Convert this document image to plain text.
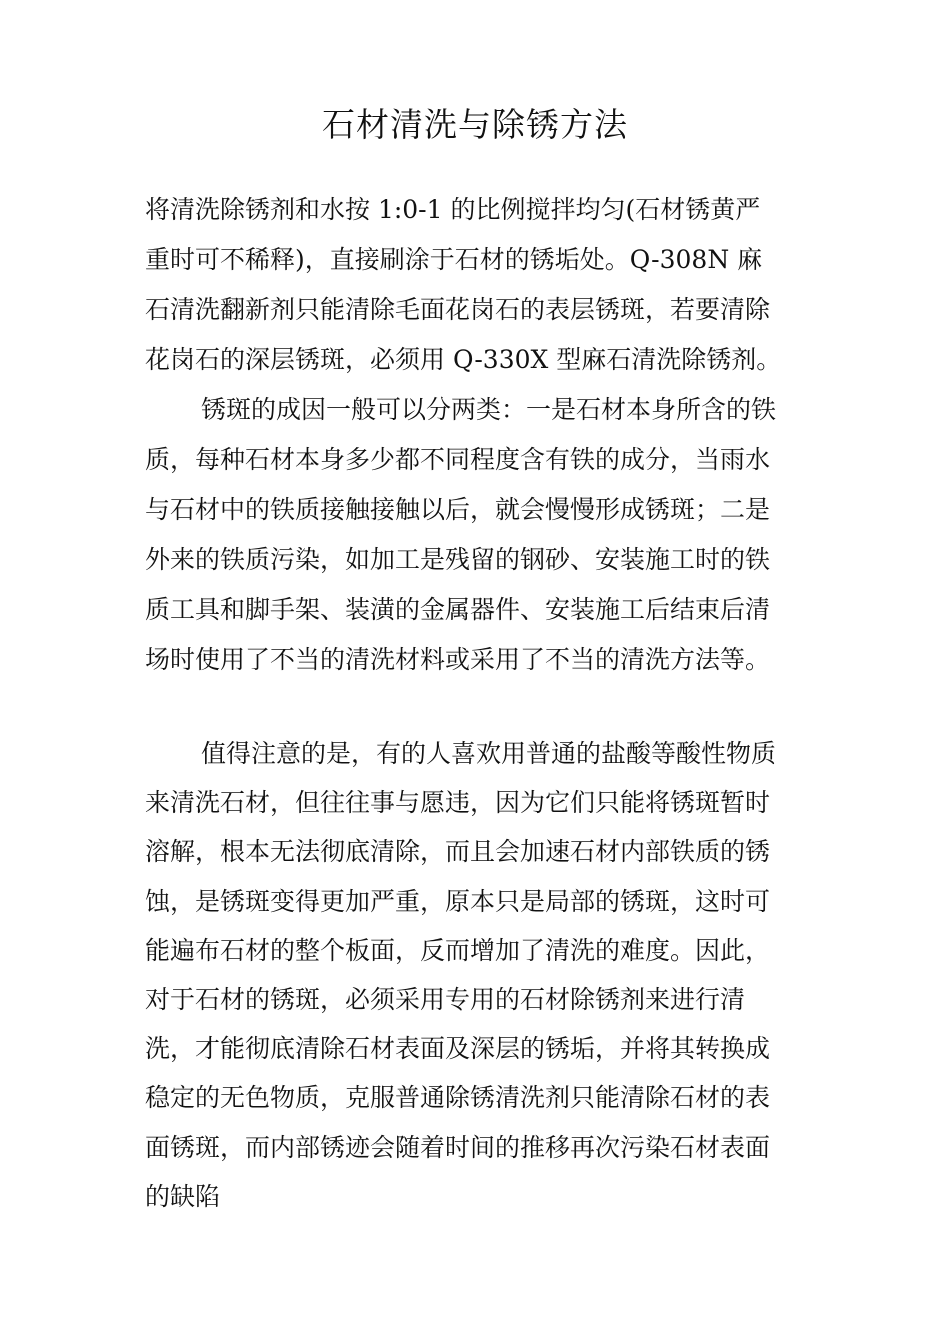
石材清洗与除锈方法
将清洗除锈剂和水按 1:0-1 的比例搅拌均匀(石材锈黄严
重时可不稀释)，直接刷涂于石材的锈垢处。Q-308N 麻
石清洗翻新剂只能清除毛面花岗石的表层锈斑，若要清除
花岗石的深层锈斑，必须用 Q-330X 型麻石清洗除锈剂。
锈斑的成因一般可以分两类：一是石材本身所含的铁
质，每种石材本身多少都不同程度含有铁的成分，当雨水
与石材中的铁质接触接触以后，就会慢慢形成锈斑；二是
外来的铁质污染，如加工是残留的钢砂、安装施工时的铁
质工具和脚手架、装潢的金属器件、安装施工后结束后清
场时使用了不当的清洗材料或采用了不当的清洗方法等。
值得注意的是，有的人喜欢用普通的盐酸等酸性物质
来清洗石材，但往往事与愿违，因为它们只能将锈斑暂时
溶解，根本无法彻底清除，而且会加速石材内部铁质的锈
蚀，是锈斑变得更加严重，原本只是局部的锈斑，这时可
能遍布石材的整个板面，反而增加了清洗的难度。因此，
对于石材的锈斑，必须采用专用的石材除锈剂来进行清
洗，才能彻底清除石材表面及深层的锈垢，并将其转换成
稳定的无色物质，克服普通除锈清洗剂只能清除石材的表
面锈斑，而内部锈迹会随着时间的推移再次污染石材表面
的缺陷
